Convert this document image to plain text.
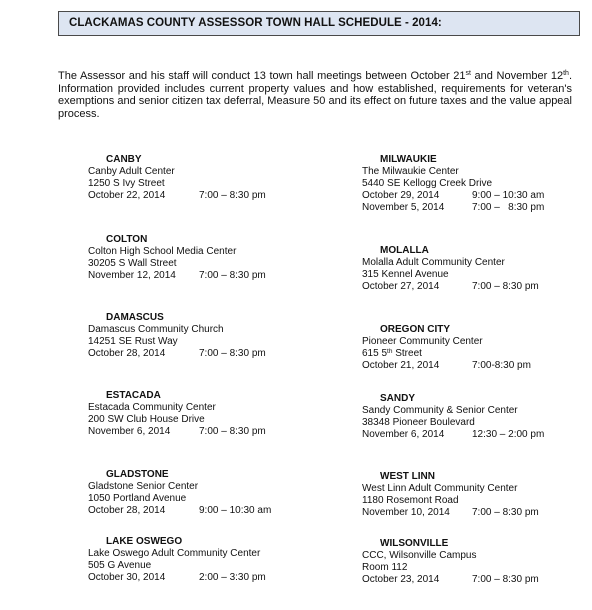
CLACKAMAS COUNTY ASSESSOR TOWN HALL SCHEDULE - 2014:

The Assessor and his staff will conduct 13 town hall meetings between October 21st and November 12th. Information provided includes current property values and how established, requirements for veteran's exemptions and senior citizen tax deferral, Measure 50 and its effect on future taxes and the value appeal process.

CANBY
Canby Adult Center
1250 S Ivy Street
October 22, 2014	7:00 – 8:30 pm
COLTON
Colton High School Media Center
30205 S Wall Street
November 12, 2014 7:00 – 8:30 pm
DAMASCUS
Damascus Community Church
14251 SE Rust Way
October 28, 2014	7:00 – 8:30 pm
ESTACADA
Estacada Community Center
200 SW Club House Drive
November 6, 2014	7:00 – 8:30 pm
GLADSTONE
Gladstone Senior Center
1050 Portland Avenue
October 28, 2014	9:00 – 10:30 am
LAKE OSWEGO
Lake Oswego Adult Community Center
505 G Avenue
October 30, 2014	2:00 – 3:30 pm
MILWAUKIE
The Milwaukie Center
5440 SE Kellogg Creek Drive
October 29, 2014	9:00 – 10:30 am
November 5, 2014	7:00 –   8:30 pm
MOLALLA
Molalla Adult Community Center
315 Kennel Avenue
October 27, 2014	7:00 – 8:30 pm
OREGON CITY
Pioneer Community Center
615 5th Street
October 21, 2014	7:00-8:30 pm
SANDY
Sandy Community & Senior Center
38348 Pioneer Boulevard
November 6, 2014	12:30 – 2:00 pm
WEST LINN
West Linn Adult Community Center
1180 Rosemont Road
November 10, 2014 7:00 – 8:30 pm
WILSONVILLE
CCC, Wilsonville Campus
Room 112
October 23, 2014	7:00 – 8:30 pm
